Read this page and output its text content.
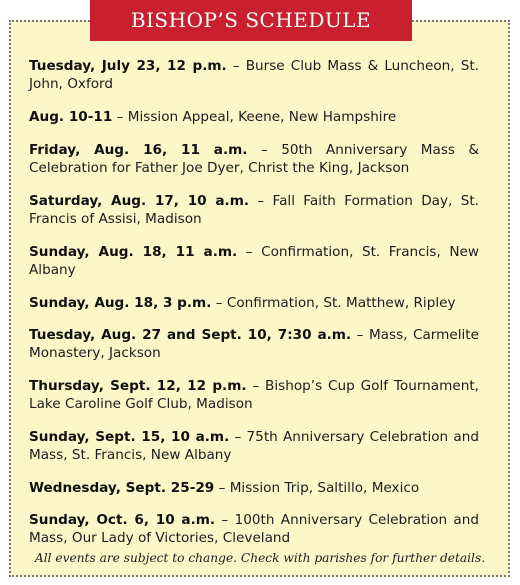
BISHOP’S SCHEDULE
Tuesday, July 23, 12 p.m. – Burse Club Mass & Luncheon, St. John, Oxford
Aug. 10-11 – Mission Appeal, Keene, New Hampshire
Friday, Aug. 16, 11 a.m. – 50th Anniversary Mass & Celebration for Father Joe Dyer, Christ the King, Jackson
Saturday, Aug. 17, 10 a.m. – Fall Faith Formation Day, St. Francis of Assisi, Madison
Sunday, Aug. 18, 11 a.m. – Confirmation, St. Francis, New Albany
Sunday, Aug. 18, 3 p.m. – Confirmation, St. Matthew, Ripley
Tuesday, Aug. 27 and Sept. 10, 7:30 a.m. – Mass, Carmelite Monastery, Jackson
Thursday, Sept. 12, 12 p.m. – Bishop’s Cup Golf Tournament, Lake Caroline Golf Club, Madison
Sunday, Sept. 15, 10 a.m. – 75th Anniversary Celebration and Mass, St. Francis, New Albany
Wednesday, Sept. 25-29 – Mission Trip, Saltillo, Mexico
Sunday, Oct. 6, 10 a.m. – 100th Anniversary Celebration and Mass, Our Lady of Victories, Cleveland
All events are subject to change. Check with parishes for further details.
